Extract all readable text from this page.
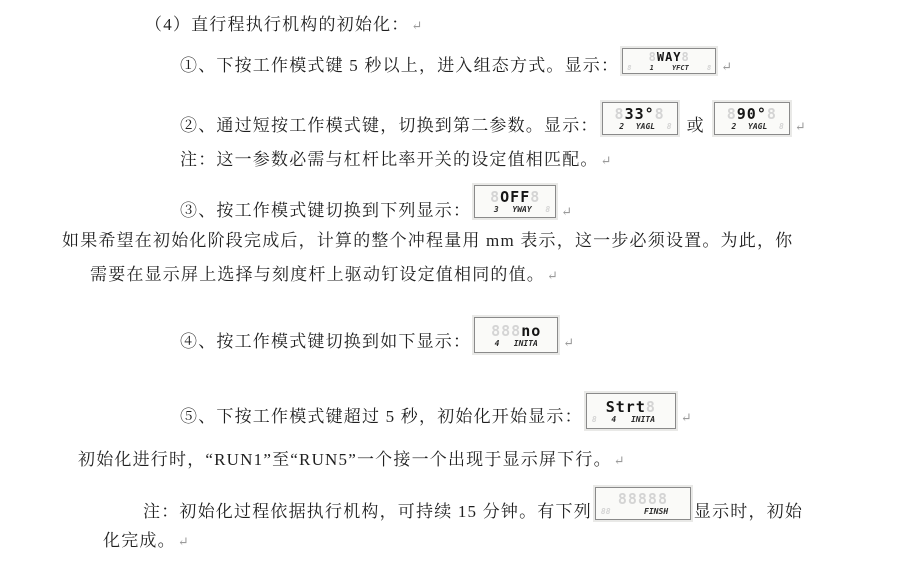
（4）直行程执行机构的初始化： ↵
①、下按工作模式键 5 秒以上，进入组态方式。显示：	8WAY8
8	1	YFCT	8 ↵
②、通过短按工作模式键，切换到第二参数。显示：
833°8
2 YAGL 8 或
890°8
2 YAGL 8 ↵
注：这一参数必需与杠杆比率开关的设定值相匹配。 ↵
③、按工作模式键切换到下列显示：
8OFF8
3 YWAY 8 ↵
如果希望在初始化阶段完成后，计算的整个冲程量用 mm 表示，这一步必须设置。为此，你
需要在显示屏上选择与刻度杆上驱动钉设定值相同的值。 ↵
④、按工作模式键切换到如下显示：
888no
4 INITA ↵
⑤、下按工作模式键超过 5 秒，初始化开始显示：	Strt8
8 4 INITA ↵
初始化进行时，“RUN1”至“RUN5”一个接一个出现于显示屏下行。 ↵
注：初始化过程依据执行机构，可持续 15 分钟。有下列
88888
88	FINSH 显示时，初始
化完成。 ↵
